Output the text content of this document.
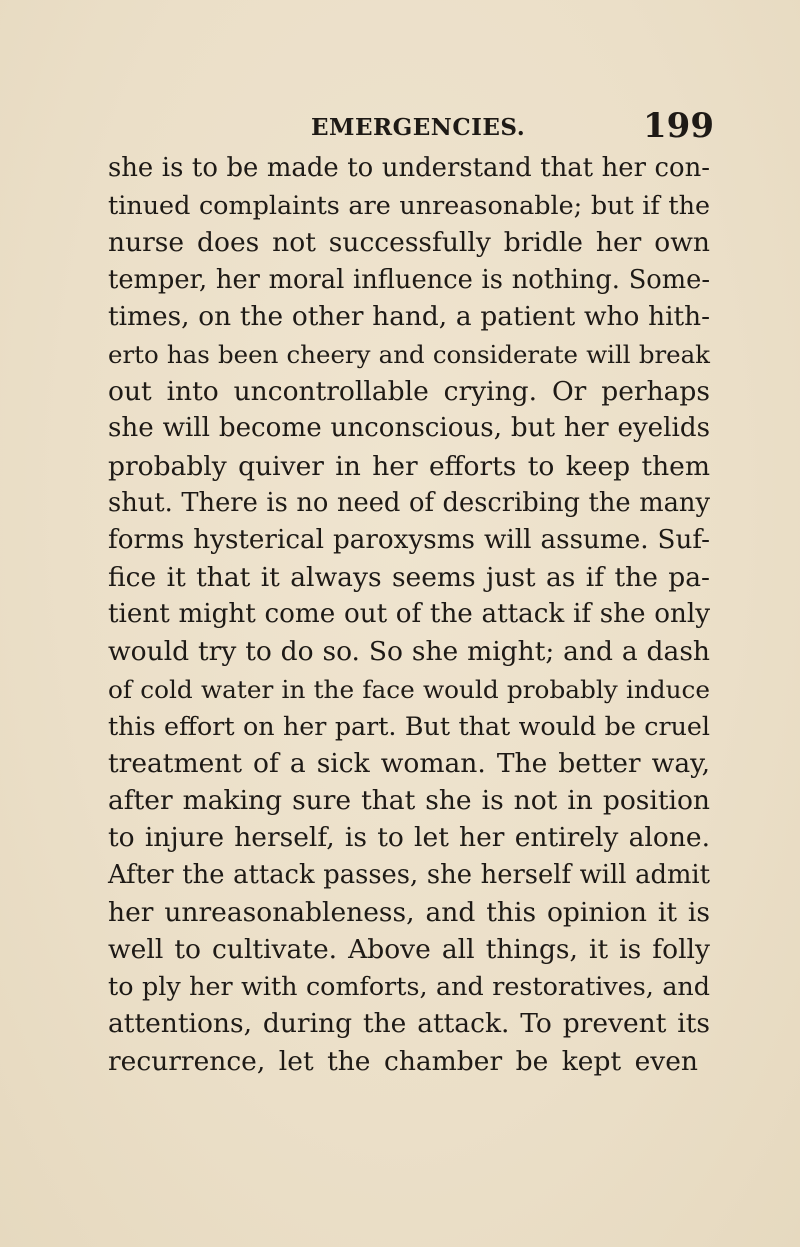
EMERGENCIES.	199
she is to be made to understand that her con-
tinued complaints are unreasonable; but if the
nurse does not successfully bridle her own
temper, her moral influence is nothing. Some-
times, on the other hand, a patient who hith-
erto has been cheery and considerate will break
out into uncontrollable crying. Or perhaps
she will become unconscious, but her eyelids
probably quiver in her efforts to keep them
shut. There is no need of describing the many
forms hysterical paroxysms will assume. Suf-
fice it that it always seems just as if the pa-
tient might come out of the attack if she only
would try to do so. So she might; and a dash
of cold water in the face would probably induce
this effort on her part. But that would be cruel
treatment of a sick woman. The better way,
after making sure that she is not in position
to injure herself, is to let her entirely alone.
After the attack passes, she herself will admit
her unreasonableness, and this opinion it is
well to cultivate. Above all things, it is folly
to ply her with comforts, and restoratives, and
attentions, during the attack. To prevent its
recurrence, let the chamber be kept even
